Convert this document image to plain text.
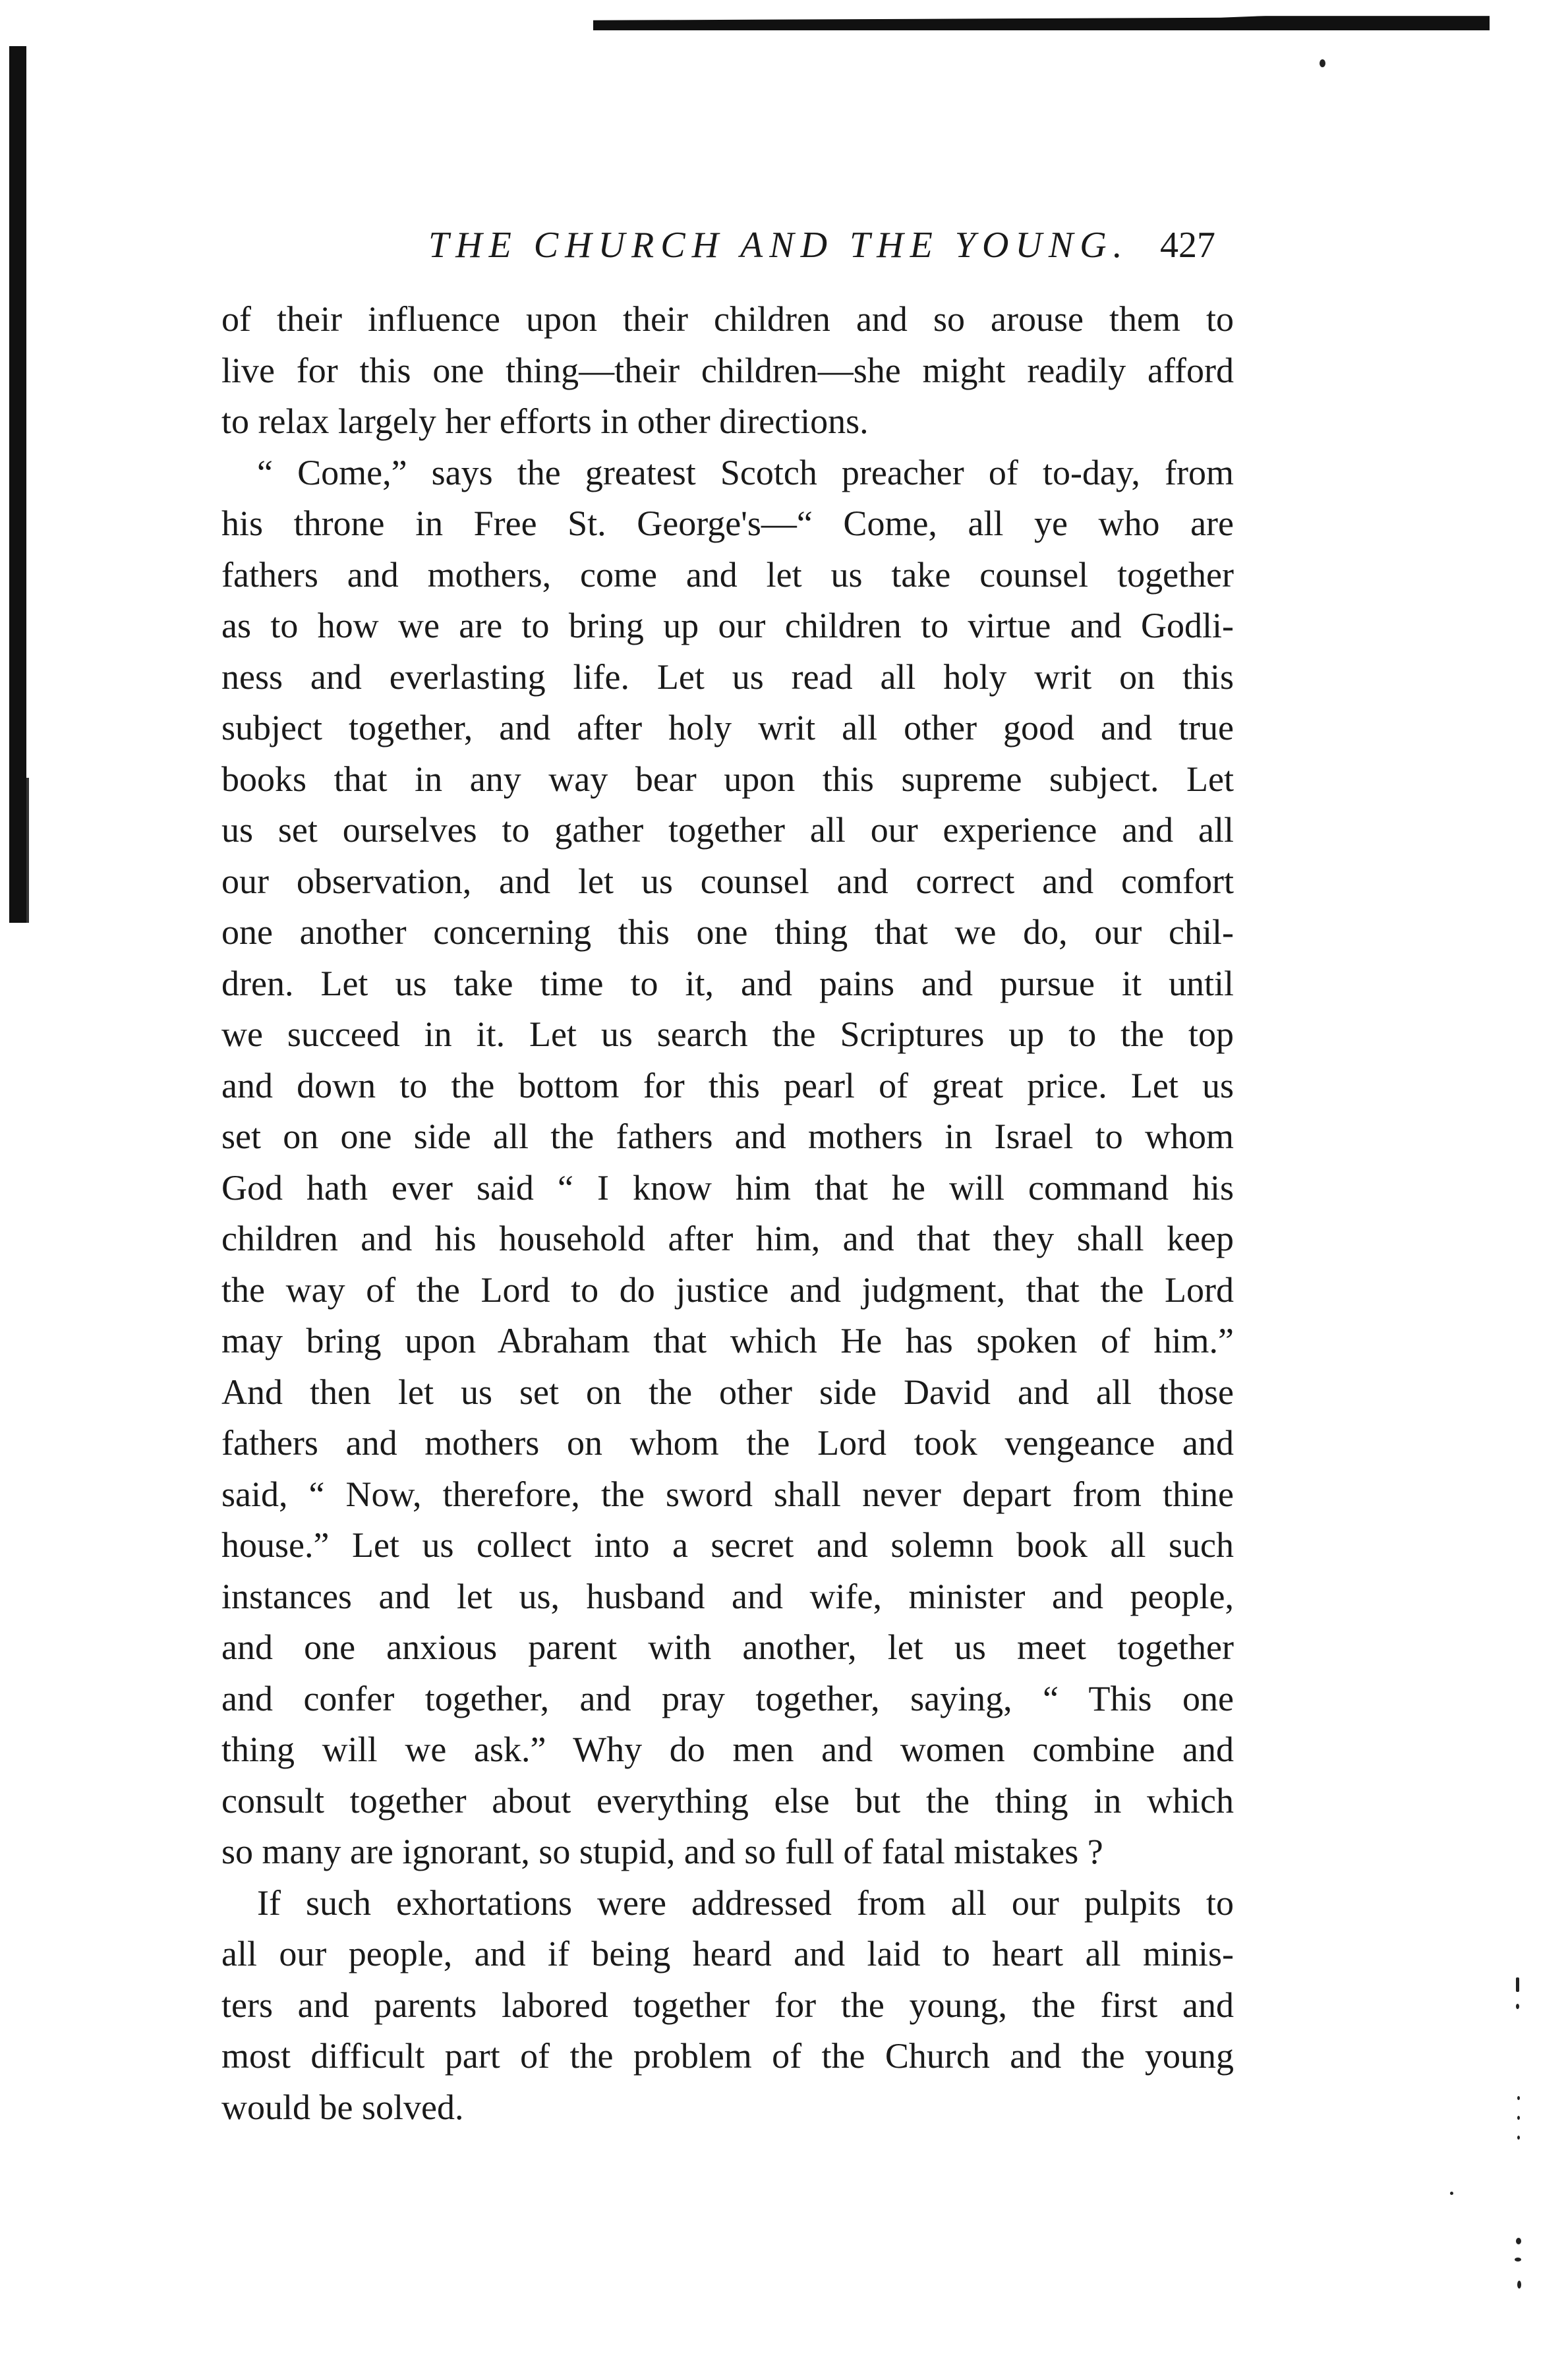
THE CHURCH AND THE YOUNG. 427
of their influence upon their children and so arouse them to
live for this one thing—their children—she might readily afford
to relax largely her efforts in other directions.
“ Come,” says the greatest Scotch preacher of to-day, from
his throne in Free St. George's—“ Come, all ye who are
fathers and mothers, come and let us take counsel together
as to how we are to bring up our children to virtue and Godli-
ness and everlasting life. Let us read all holy writ on this
subject together, and after holy writ all other good and true
books that in any way bear upon this supreme subject. Let
us set ourselves to gather together all our experience and all
our observation, and let us counsel and correct and comfort
one another concerning this one thing that we do, our chil-
dren. Let us take time to it, and pains and pursue it until
we succeed in it. Let us search the Scriptures up to the top
and down to the bottom for this pearl of great price. Let us
set on one side all the fathers and mothers in Israel to whom
God hath ever said “ I know him that he will command his
children and his household after him, and that they shall keep
the way of the Lord to do justice and judgment, that the Lord
may bring upon Abraham that which He has spoken of him.”
And then let us set on the other side David and all those
fathers and mothers on whom the Lord took vengeance and
said, “ Now, therefore, the sword shall never depart from thine
house.” Let us collect into a secret and solemn book all such
instances and let us, husband and wife, minister and people,
and one anxious parent with another, let us meet together
and confer together, and pray together, saying, “ This one
thing will we ask.” Why do men and women combine and
consult together about everything else but the thing in which
so many are ignorant, so stupid, and so full of fatal mistakes ?
If such exhortations were addressed from all our pulpits to
all our people, and if being heard and laid to heart all minis-
ters and parents labored together for the young, the first and
most difficult part of the problem of the Church and the young
would be solved.
